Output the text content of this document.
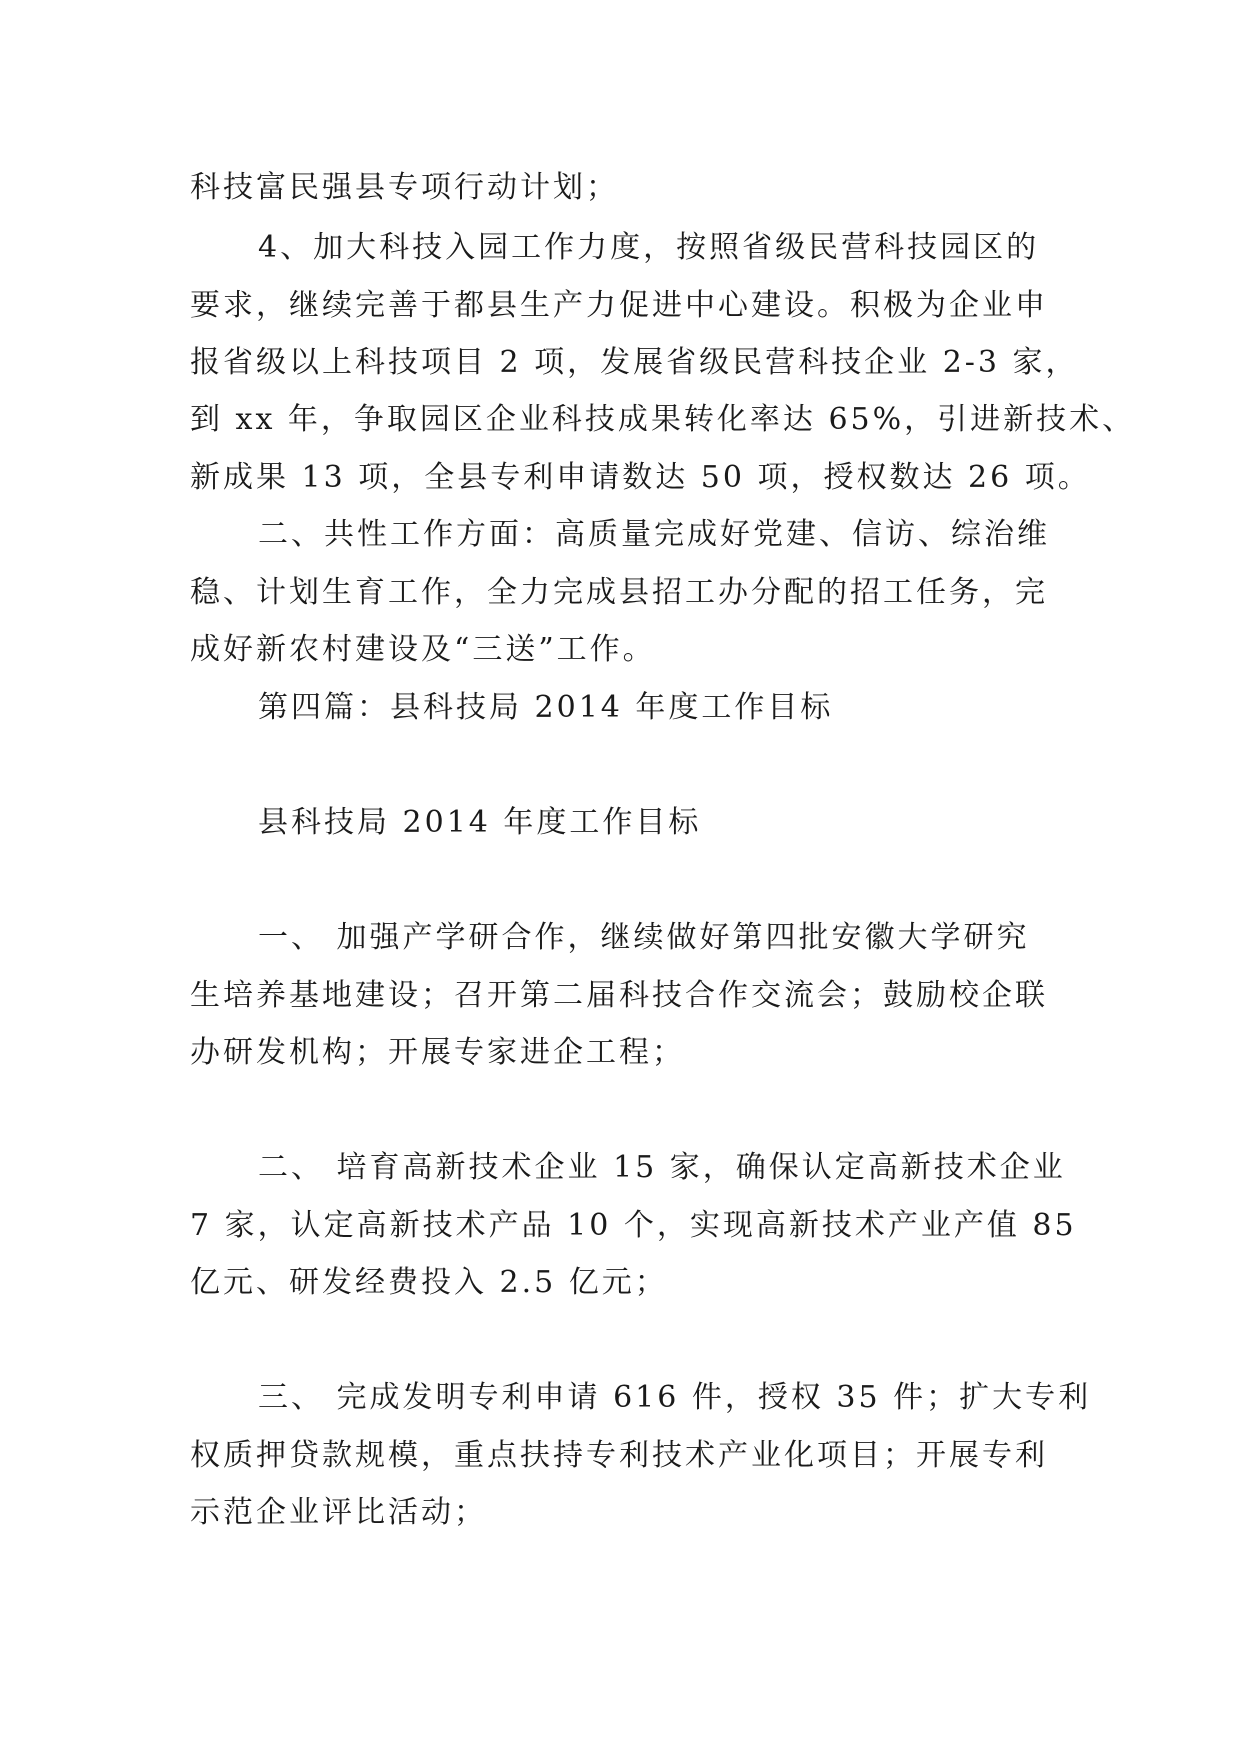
科技富民强县专项行动计划；
4、加大科技入园工作力度，按照省级民营科技园区的
要求，继续完善于都县生产力促进中心建设。积极为企业申
报省级以上科技项目 2 项，发展省级民营科技企业 2-3 家，
到 xx 年，争取园区企业科技成果转化率达 65%，引进新技术、
新成果 13 项，全县专利申请数达 50 项，授权数达 26 项。
二、共性工作方面：高质量完成好党建、信访、综治维
稳、计划生育工作，全力完成县招工办分配的招工任务，完
成好新农村建设及“三送”工作。
第四篇：县科技局 2014 年度工作目标
县科技局 2014 年度工作目标
一、 加强产学研合作，继续做好第四批安徽大学研究
生培养基地建设；召开第二届科技合作交流会；鼓励校企联
办研发机构；开展专家进企工程；
二、 培育高新技术企业 15 家，确保认定高新技术企业
7 家，认定高新技术产品 10 个，实现高新技术产业产值 85
亿元、研发经费投入 2.5 亿元；
三、 完成发明专利申请 616 件，授权 35 件；扩大专利
权质押贷款规模，重点扶持专利技术产业化项目；开展专利
示范企业评比活动；
